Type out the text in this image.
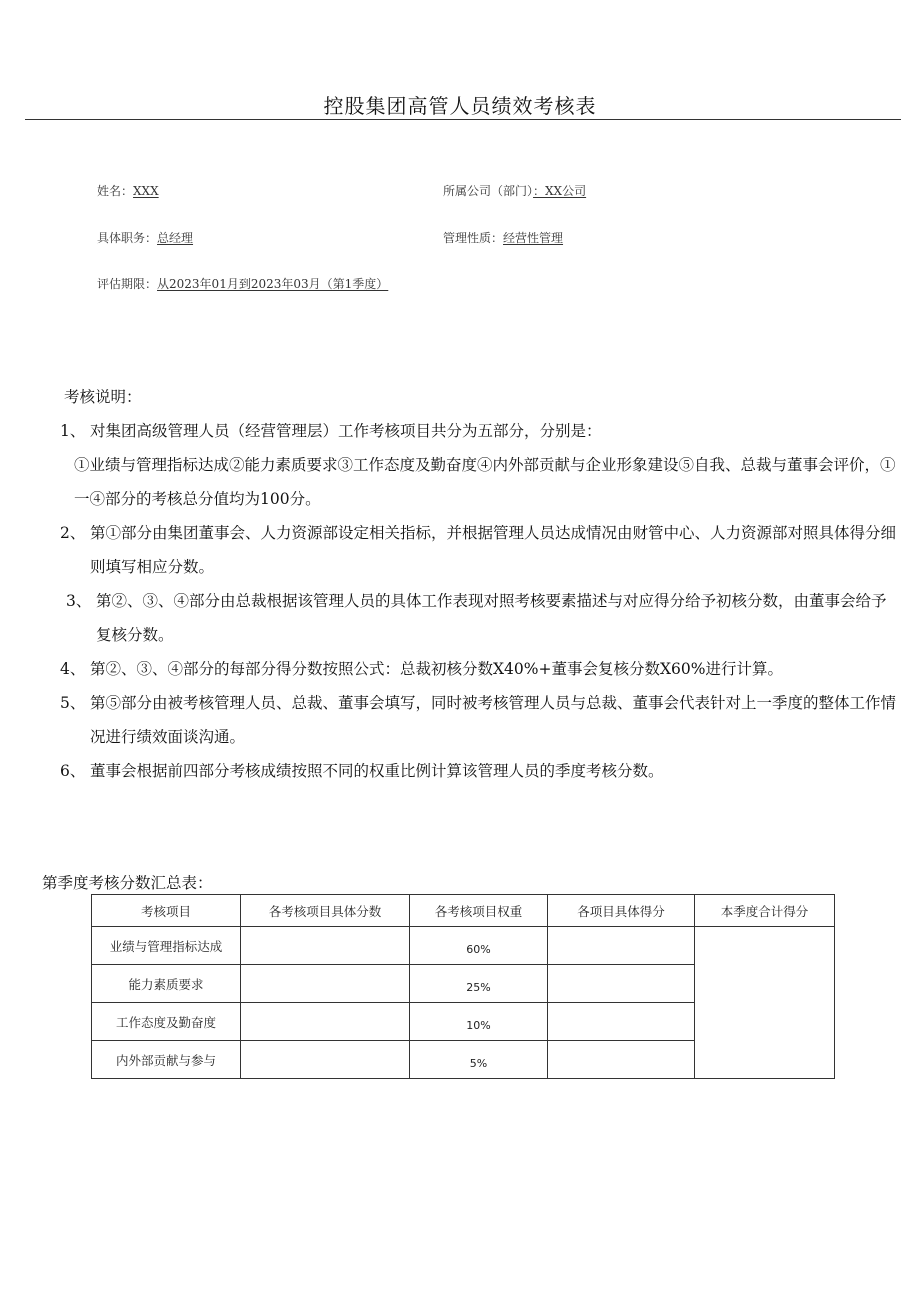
控股集团高管人员绩效考核表
姓名：XXX	所属公司（部门）：XX公司
具体职务：总经理	管理性质：经营性管理
评估期限：从2023年01月到2023年03月（第1季度）
考核说明：
1、 对集团高级管理人员（经营管理层）工作考核项目共分为五部分，分别是：
①业绩与管理指标达成②能力素质要求③工作态度及勤奋度④内外部贡献与企业形象建设⑤自我、总裁与董事会评价，①一④部分的考核总分值均为100分。
2、 第①部分由集团董事会、人力资源部设定相关指标，并根据管理人员达成情况由财管中心、人力资源部对照具体得分细则填写相应分数。
3、 第②、③、④部分由总裁根据该管理人员的具体工作表现对照考核要素描述与对应得分给予初核分数，由董事会给予复核分数。
4、 第②、③、④部分的每部分得分数按照公式：总裁初核分数X40%+董事会复核分数X60%进行计算。
5、 第⑤部分由被考核管理人员、总裁、董事会填写，同时被考核管理人员与总裁、董事会代表针对上一季度的整体工作情况进行绩效面谈沟通。
6、 董事会根据前四部分考核成绩按照不同的权重比例计算该管理人员的季度考核分数。
第季度考核分数汇总表：
考核项目	各考核项目具体分数	各考核项目权重	各项目具体得分	本季度合计得分
业绩与管理指标达成		60%		
能力素质要求		25%		
工作态度及勤奋度		10%		
内外部贡献与参与		5%		
